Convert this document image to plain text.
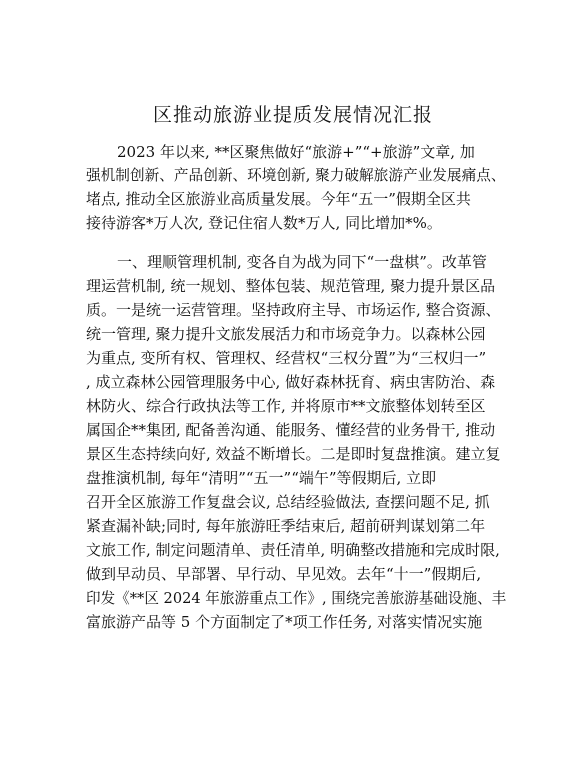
区推动旅游业提质发展情况汇报
2023 年以来, **区聚焦做好“旅游+”“+旅游”文章, 加
强机制创新、产品创新、环境创新, 聚力破解旅游产业发展痛点、
堵点, 推动全区旅游业高质量发展。今年“五一”假期全区共
接待游客*万人次, 登记住宿人数*万人, 同比增加*%。
一、理顺管理机制, 变各自为战为同下“一盘棋”。改革管
理运营机制, 统一规划、整体包装、规范管理, 聚力提升景区品
质。一是统一运营管理。坚持政府主导、市场运作, 整合资源、
统一管理, 聚力提升文旅发展活力和市场竞争力。以森林公园
为重点, 变所有权、管理权、经营权“三权分置”为“三权归一”
, 成立森林公园管理服务中心, 做好森林抚育、病虫害防治、森
林防火、综合行政执法等工作, 并将原市**文旅整体划转至区
属国企**集团, 配备善沟通、能服务、懂经营的业务骨干, 推动
景区生态持续向好, 效益不断增长。二是即时复盘推演。建立复
盘推演机制, 每年“清明”“五一”“端午”等假期后, 立即
召开全区旅游工作复盘会议, 总结经验做法, 查摆问题不足, 抓
紧查漏补缺;同时, 每年旅游旺季结束后, 超前研判谋划第二年
文旅工作, 制定问题清单、责任清单, 明确整改措施和完成时限,
做到早动员、早部署、早行动、早见效。去年“十一”假期后,
印发《**区 2024 年旅游重点工作》, 围绕完善旅游基础设施、丰
富旅游产品等 5 个方面制定了*项工作任务, 对落实情况实施
